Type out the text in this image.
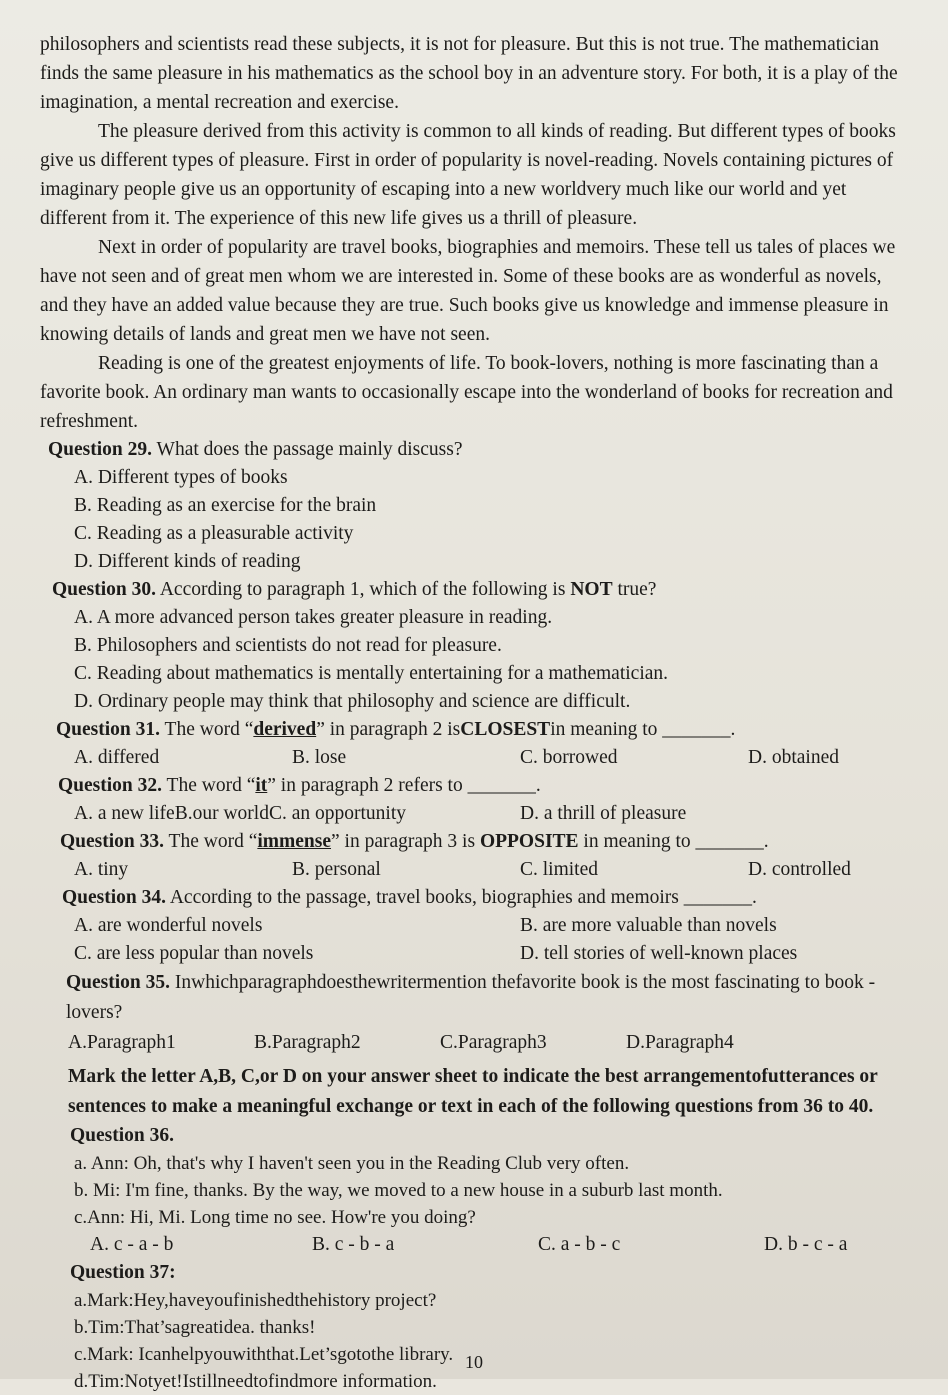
philosophers and scientists read these subjects, it is not for pleasure. But this is not true. The mathematician finds the same pleasure in his mathematics as the school boy in an adventure story. For both, it is a play of the imagination, a mental recreation and exercise.

The pleasure derived from this activity is common to all kinds of reading. But different types of books give us different types of pleasure. First in order of popularity is novel-reading. Novels containing pictures of imaginary people give us an opportunity of escaping into a new worldvery much like our world and yet different from it. The experience of this new life gives us a thrill of pleasure.

Next in order of popularity are travel books, biographies and memoirs. These tell us tales of places we have not seen and of great men whom we are interested in. Some of these books are as wonderful as novels, and they have an added value because they are true. Such books give us knowledge and immense pleasure in knowing details of lands and great men we have not seen.

Reading is one of the greatest enjoyments of life. To book-lovers, nothing is more fascinating than a favorite book. An ordinary man wants to occasionally escape into the wonderland of books for recreation and refreshment.

Question 29. What does the passage mainly discuss?

A. Different types of books

B. Reading as an exercise for the brain

C. Reading as a pleasurable activity

D. Different kinds of reading

Question 30. According to paragraph 1, which of the following is NOT true?

A. A more advanced person takes greater pleasure in reading.

B. Philosophers and scientists do not read for pleasure.

C. Reading about mathematics is mentally entertaining for a mathematician.

D. Ordinary people may think that philosophy and science are difficult.

Question 31. The word “derived” in paragraph 2 isCLOSESTin meaning to _______.

A. differed	B. lose	C. borrowed	D. obtained

Question 32. The word “it” in paragraph 2 refers to _______.

A. a new lifeB.our worldC. an opportunity	D. a thrill of pleasure

Question 33. The word “immense” in paragraph 3 is OPPOSITE in meaning to _______.

A. tiny	B. personal	C. limited	D. controlled

Question 34. According to the passage, travel books, biographies and memoirs _______.

A. are wonderful novels	B. are more valuable than novels
C. are less popular than novels	D. tell stories of well-known places

Question 35. Inwhichparagraphdoesthewritermention thefavorite book is the most fascinating to book - lovers?

A.Paragraph1	B.Paragraph2	C.Paragraph3	D.Paragraph4

Mark the letter A,B, C,or D on your answer sheet to indicate the best arrangementofutterances or sentences to make a meaningful exchange or text in each of the following questions from 36 to 40.

Question 36.

a. Ann: Oh, that's why I haven't seen you in the Reading Club very often.

b. Mi: I'm fine, thanks. By the way, we moved to a new house in a suburb last month.

c.Ann: Hi, Mi. Long time no see. How're you doing?

A. c - a - b	B. c - b - a	C. a - b - c	D. b - c - a

Question 37:

a.Mark:Hey,haveyoufinishedthehistory project?

b.Tim:That’sagreatidea. thanks!

c.Mark: Icanhelpyouwiththat.Let’sgotothe library.

d.Tim:Notyet!Istillneedtofindmore information.

10
